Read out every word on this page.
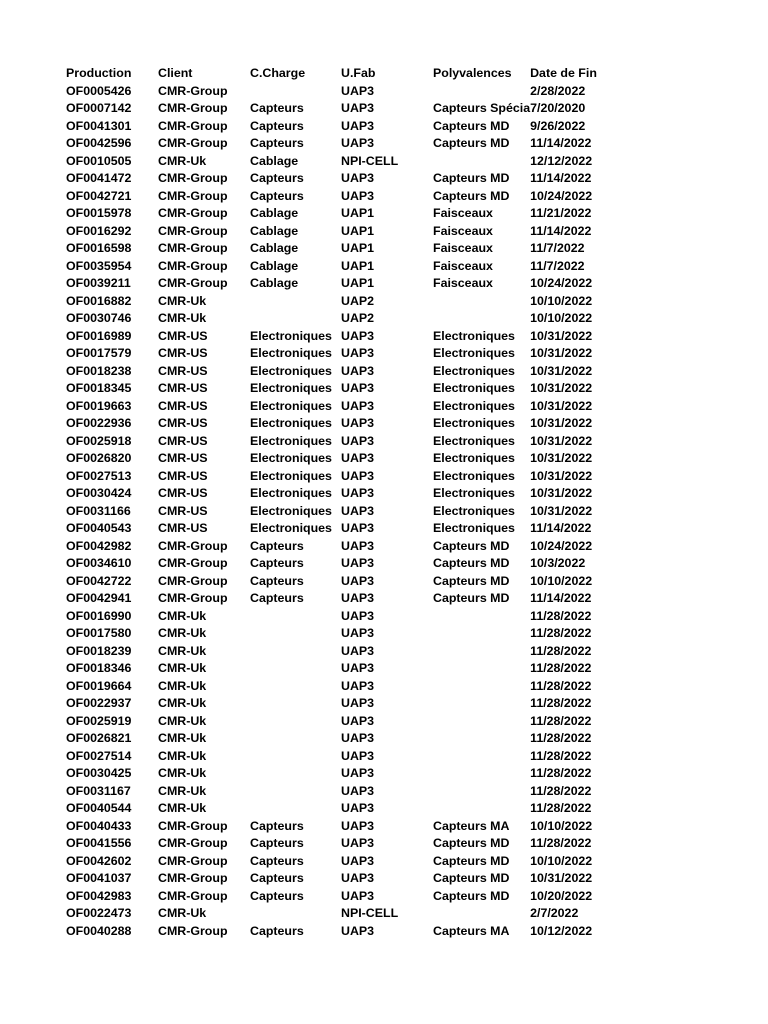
Production	Client	C.Charge	U.Fab	Polyvalences	Date de Fin
OF0005426	CMR-Group		UAP3		2/28/2022
OF0007142	CMR-Group	Capteurs	UAP3	Capteurs Spécia	7/20/2020
OF0041301	CMR-Group	Capteurs	UAP3	Capteurs MD	9/26/2022
OF0042596	CMR-Group	Capteurs	UAP3	Capteurs MD	11/14/2022
OF0010505	CMR-Uk	Cablage	NPI-CELL		12/12/2022
OF0041472	CMR-Group	Capteurs	UAP3	Capteurs MD	11/14/2022
OF0042721	CMR-Group	Capteurs	UAP3	Capteurs MD	10/24/2022
OF0015978	CMR-Group	Cablage	UAP1	Faisceaux	11/21/2022
OF0016292	CMR-Group	Cablage	UAP1	Faisceaux	11/14/2022
OF0016598	CMR-Group	Cablage	UAP1	Faisceaux	11/7/2022
OF0035954	CMR-Group	Cablage	UAP1	Faisceaux	11/7/2022
OF0039211	CMR-Group	Cablage	UAP1	Faisceaux	10/24/2022
OF0016882	CMR-Uk		UAP2		10/10/2022
OF0030746	CMR-Uk		UAP2		10/10/2022
OF0016989	CMR-US	Electroniques	UAP3	Electroniques	10/31/2022
OF0017579	CMR-US	Electroniques	UAP3	Electroniques	10/31/2022
OF0018238	CMR-US	Electroniques	UAP3	Electroniques	10/31/2022
OF0018345	CMR-US	Electroniques	UAP3	Electroniques	10/31/2022
OF0019663	CMR-US	Electroniques	UAP3	Electroniques	10/31/2022
OF0022936	CMR-US	Electroniques	UAP3	Electroniques	10/31/2022
OF0025918	CMR-US	Electroniques	UAP3	Electroniques	10/31/2022
OF0026820	CMR-US	Electroniques	UAP3	Electroniques	10/31/2022
OF0027513	CMR-US	Electroniques	UAP3	Electroniques	10/31/2022
OF0030424	CMR-US	Electroniques	UAP3	Electroniques	10/31/2022
OF0031166	CMR-US	Electroniques	UAP3	Electroniques	10/31/2022
OF0040543	CMR-US	Electroniques	UAP3	Electroniques	11/14/2022
OF0042982	CMR-Group	Capteurs	UAP3	Capteurs MD	10/24/2022
OF0034610	CMR-Group	Capteurs	UAP3	Capteurs MD	10/3/2022
OF0042722	CMR-Group	Capteurs	UAP3	Capteurs MD	10/10/2022
OF0042941	CMR-Group	Capteurs	UAP3	Capteurs MD	11/14/2022
OF0016990	CMR-Uk		UAP3		11/28/2022
OF0017580	CMR-Uk		UAP3		11/28/2022
OF0018239	CMR-Uk		UAP3		11/28/2022
OF0018346	CMR-Uk		UAP3		11/28/2022
OF0019664	CMR-Uk		UAP3		11/28/2022
OF0022937	CMR-Uk		UAP3		11/28/2022
OF0025919	CMR-Uk		UAP3		11/28/2022
OF0026821	CMR-Uk		UAP3		11/28/2022
OF0027514	CMR-Uk		UAP3		11/28/2022
OF0030425	CMR-Uk		UAP3		11/28/2022
OF0031167	CMR-Uk		UAP3		11/28/2022
OF0040544	CMR-Uk		UAP3		11/28/2022
OF0040433	CMR-Group	Capteurs	UAP3	Capteurs MA	10/10/2022
OF0041556	CMR-Group	Capteurs	UAP3	Capteurs MD	11/28/2022
OF0042602	CMR-Group	Capteurs	UAP3	Capteurs MD	10/10/2022
OF0041037	CMR-Group	Capteurs	UAP3	Capteurs MD	10/31/2022
OF0042983	CMR-Group	Capteurs	UAP3	Capteurs MD	10/20/2022
OF0022473	CMR-Uk		NPI-CELL		2/7/2022
OF0040288	CMR-Group	Capteurs	UAP3	Capteurs MA	10/12/2022
